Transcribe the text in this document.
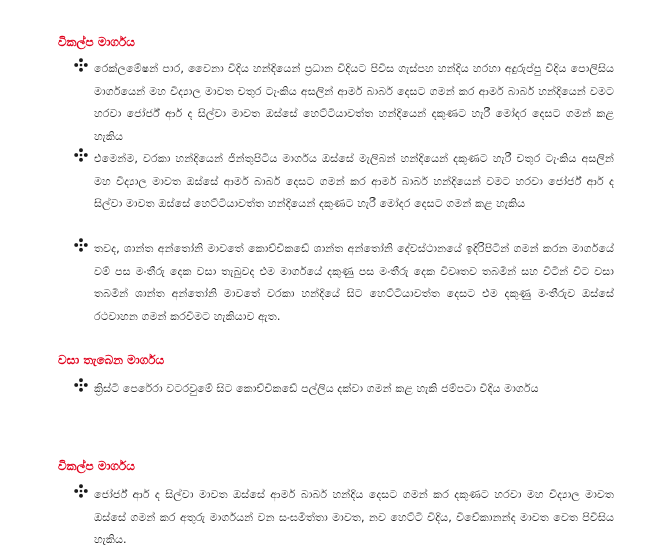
විකල්ප මාර්ගය
රෙක්ලමේෂන් පාර, වෛනා විදිය හන්දියෙන් ප්‍රධාන විදියට පිවිස ගැස්පහ හන්දිය හරහා අදුරුප්පු විදිය පොලිසිය මාර්ගයෙන් මහ විද්‍යාල මාවත චතුර ටැංකිය අසලින් ආමර් බාබර් දෙසට ගමන් කර ආමර් බාබර් හන්දියෙන් වමට හරවා ජෝර්ජ් ආර් ද සිල්වා මාවත ඔස්සේ හෙට්ටියාවත්ත හන්දියෙන් දකුණට හැරී මෝදර දෙසට ගමන් කළ හැකිය
එමෙන්ම, වරකා හන්දියෙන් ජින්තුපිටිය මාර්ගය ඔස්සේ මැලිබන් හන්දියෙන් දකුණට හැරී චතුර ටැංකිය අසලින් මහ විද්‍යාල මාවත ඔස්සේ ආමර් බාබර් දෙසට ගමන් කර ආමර් බාබර් හන්දියෙන් වමට හරවා ජෝර්ජ් ආර් ද සිල්වා මාවත ඔස්සේ හෙට්ටියාවත්ත හන්දියෙන් දකුණට හැරී මෝදර දෙසට ගමන් කළ හැකිය
තවද, ශාන්ත අන්තෝනි මාවතේ කොච්චිකඩේ ශාන්ත අන්තෝනි දේවස්ථානයේ ඉදිරිපිටින් ගමන් කරන මාර්ගයේ වම් පස මංතීරු දෙක වසා තැබුවද එම මාර්ගයේ දකුණු පස මංතීරු දෙක විවෘතව තබමින් සහ විටින් විට වසා තබමින් ශාන්ත අන්තෝනි මාවතේ වරකා හන්දියේ සිට හෙට්ටියාවත්ත දෙසට එම දකුණු මංතීරුව ඔස්සේ රථවාහන ගමන් කරවීමට හැකියාව ඇත.
වසා තැබෙන මාර්ගය
ක්‍රිස්ටි පෙරේරා වටරවුමේ සිට කොච්චිකඩේ පල්ලිය දක්වා ගමන් කළ හැකි ජම්පටා විදිය මාර්ගය
විකල්ප මාර්ගය
ජෝර්ජ් ආර් ද සිල්වා මාවත ඔස්සේ ආමර් බාබර් හන්දිය දෙසට ගමන් කර දකුණට හරවා මහ විද්‍යාල මාවත ඔස්සේ ගමන් කර අතුරු මාර්ගයන් වන සංඝමිත්තා මාවත, නව හෙට්ටි විදිය, විවේකානන්ද මාවත වෙත පිවිසිය හැකිය.
